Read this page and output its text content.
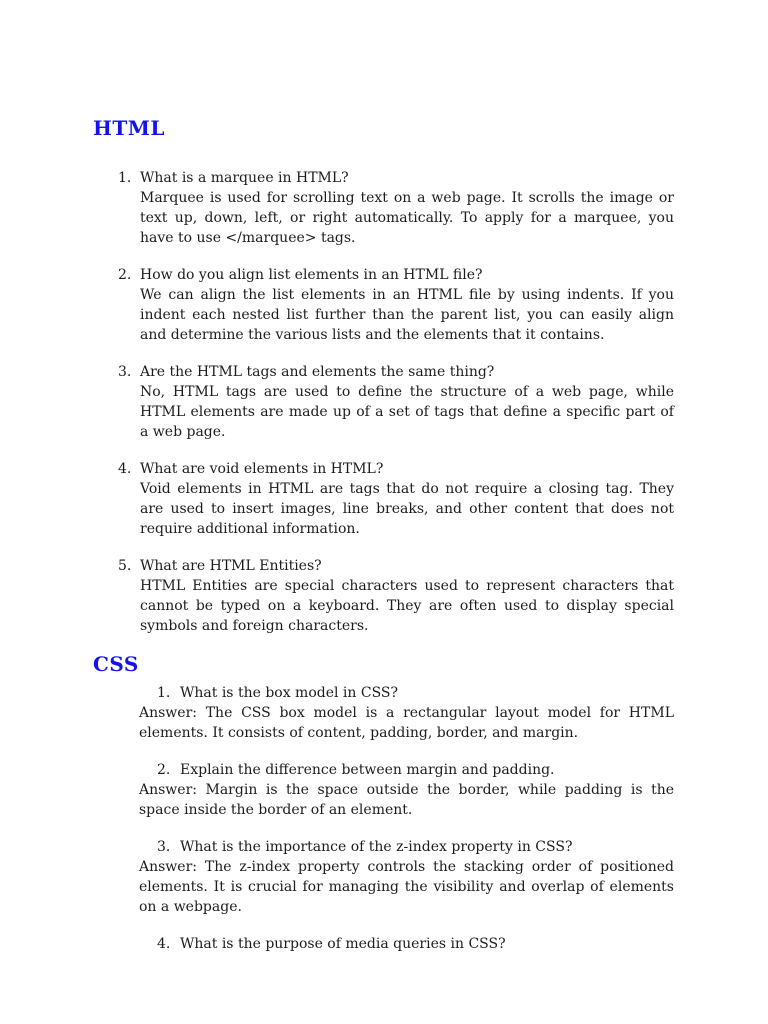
HTML
1. What is a marquee in HTML?
Marquee is used for scrolling text on a web page. It scrolls the image or text up, down, left, or right automatically. To apply for a marquee, you have to use </marquee> tags.
2. How do you align list elements in an HTML file?
We can align the list elements in an HTML file by using indents. If you indent each nested list further than the parent list, you can easily align and determine the various lists and the elements that it contains.
3. Are the HTML tags and elements the same thing?
No, HTML tags are used to define the structure of a web page, while HTML elements are made up of a set of tags that define a specific part of a web page.
4. What are void elements in HTML?
Void elements in HTML are tags that do not require a closing tag. They are used to insert images, line breaks, and other content that does not require additional information.
5. What are HTML Entities?
HTML Entities are special characters used to represent characters that cannot be typed on a keyboard. They are often used to display special symbols and foreign characters.
CSS
1. What is the box model in CSS?
Answer: The CSS box model is a rectangular layout model for HTML elements. It consists of content, padding, border, and margin.
2. Explain the difference between margin and padding.
Answer: Margin is the space outside the border, while padding is the space inside the border of an element.
3. What is the importance of the z-index property in CSS?
Answer: The z-index property controls the stacking order of positioned elements. It is crucial for managing the visibility and overlap of elements on a webpage.
4. What is the purpose of media queries in CSS?
